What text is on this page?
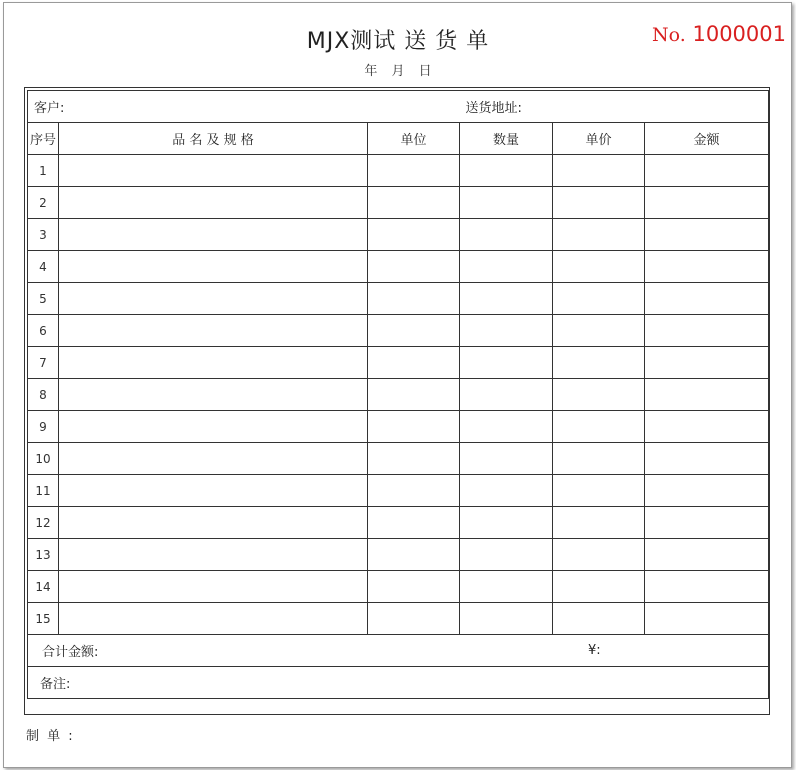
MJX测试 送 货 单	No. 1000001
年 月 日
客户:			送货地址:		
序号	品 名 及 规 格	单位	数量	单价	金额
1					
2					
3					
4					
5					
6					
7					
8					
9					
10					
11					
12					
13					
14					
15					
合计金额: ¥:					

备注:					
制 单 :
